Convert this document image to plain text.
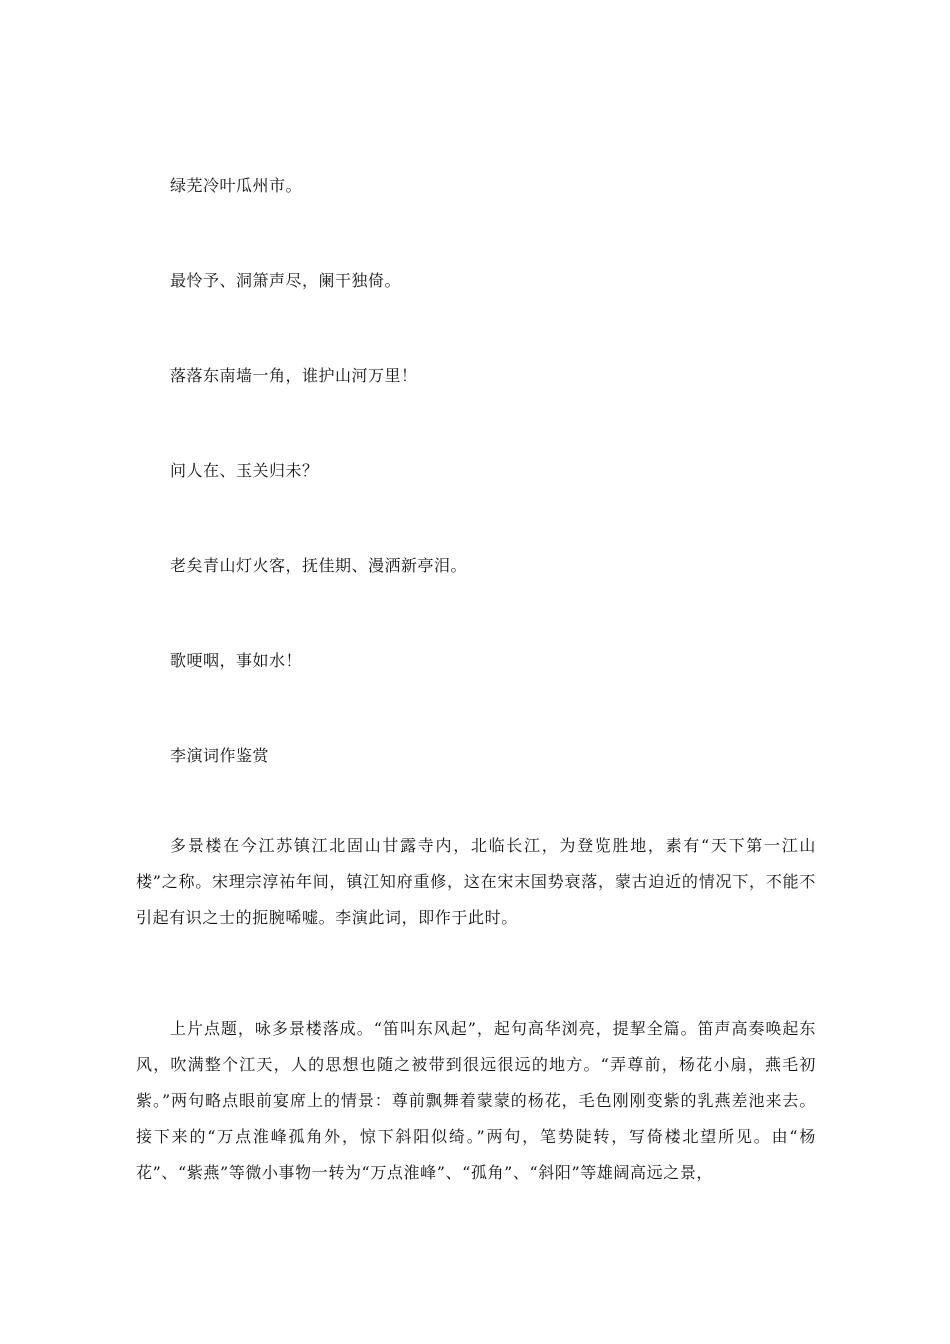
绿芜冷叶瓜州市。
最怜予、洞箫声尽，阑干独倚。
落落东南墙一角，谁护山河万里！
问人在、玉关归未？
老矣青山灯火客，抚佳期、漫洒新亭泪。
歌哽咽，事如水！
李演词作鉴赏

多景楼在今江苏镇江北固山甘露寺内，北临长江，为登览胜地，素有“天下第一江山楼”之称。宋理宗淳祐年间，镇江知府重修，这在宋末国势衰落，蒙古迫近的情况下，不能不引起有识之士的扼腕唏嘘。李演此词，即作于此时。

上片点题，咏多景楼落成。“笛叫东风起”，起句高华浏亮，提挈全篇。笛声高奏唤起东风，吹满整个江天，人的思想也随之被带到很远很远的地方。“弄尊前，杨花小扇，燕毛初紫。”两句略点眼前宴席上的情景：尊前飘舞着蒙蒙的杨花，毛色刚刚变紫的乳燕差池来去。接下来的“万点淮峰孤角外，惊下斜阳似绮。”两句，笔势陡转，写倚楼北望所见。由“杨花”、“紫燕”等微小事物一转为“万点淮峰”、“孤角”、“斜阳”等雄阔高远之景，
